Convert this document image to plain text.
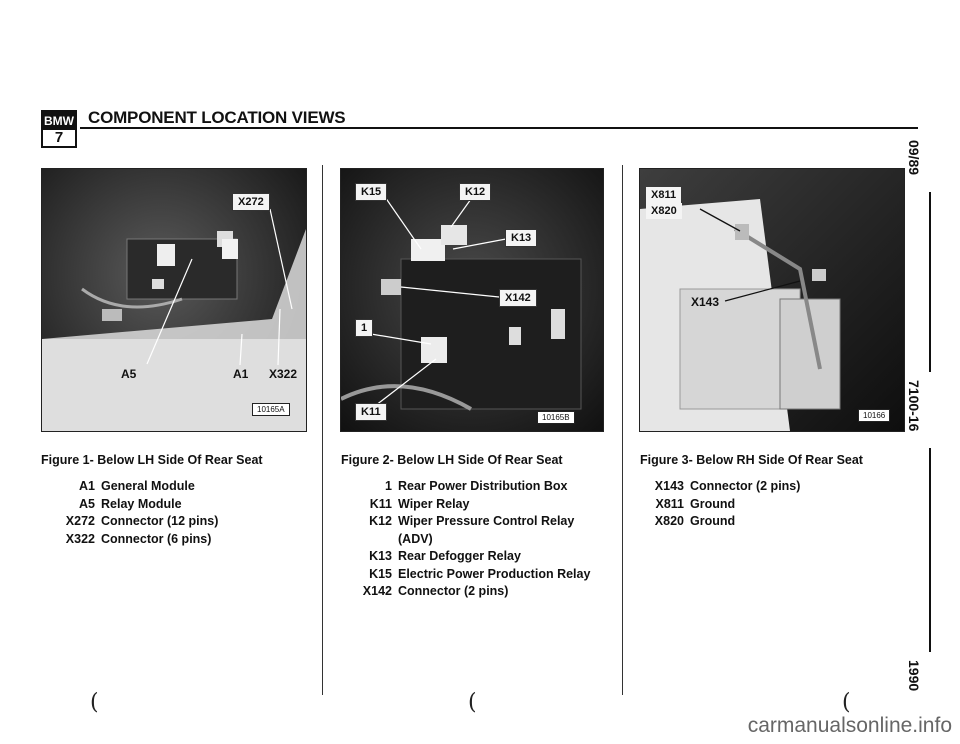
BMW
7
COMPONENT LOCATION VIEWS
X272
A5	A1	X322
10165A
K15	K12
K13
X142
1
K11	10165B
X811
X820
X143
10166
Figure 1- Below LH Side Of Rear Seat	Figure 2- Below LH Side Of Rear Seat	Figure 3- Below RH Side Of Rear Seat
A1 General Module
A5 Relay Module
X272 Connector (12 pins)
X322 Connector (6 pins)
1 Rear Power Distribution Box
K11 Wiper Relay
K12 Wiper Pressure Control Relay
(ADV)
K13 Rear Defogger Relay
K15 Electric Power Production Relay
X142 Connector (2 pins)
X143 Connector (2 pins)
X811 Ground
X820 Ground
09/89
7100-16
1990
(	(	(
carmanualsonline.info
